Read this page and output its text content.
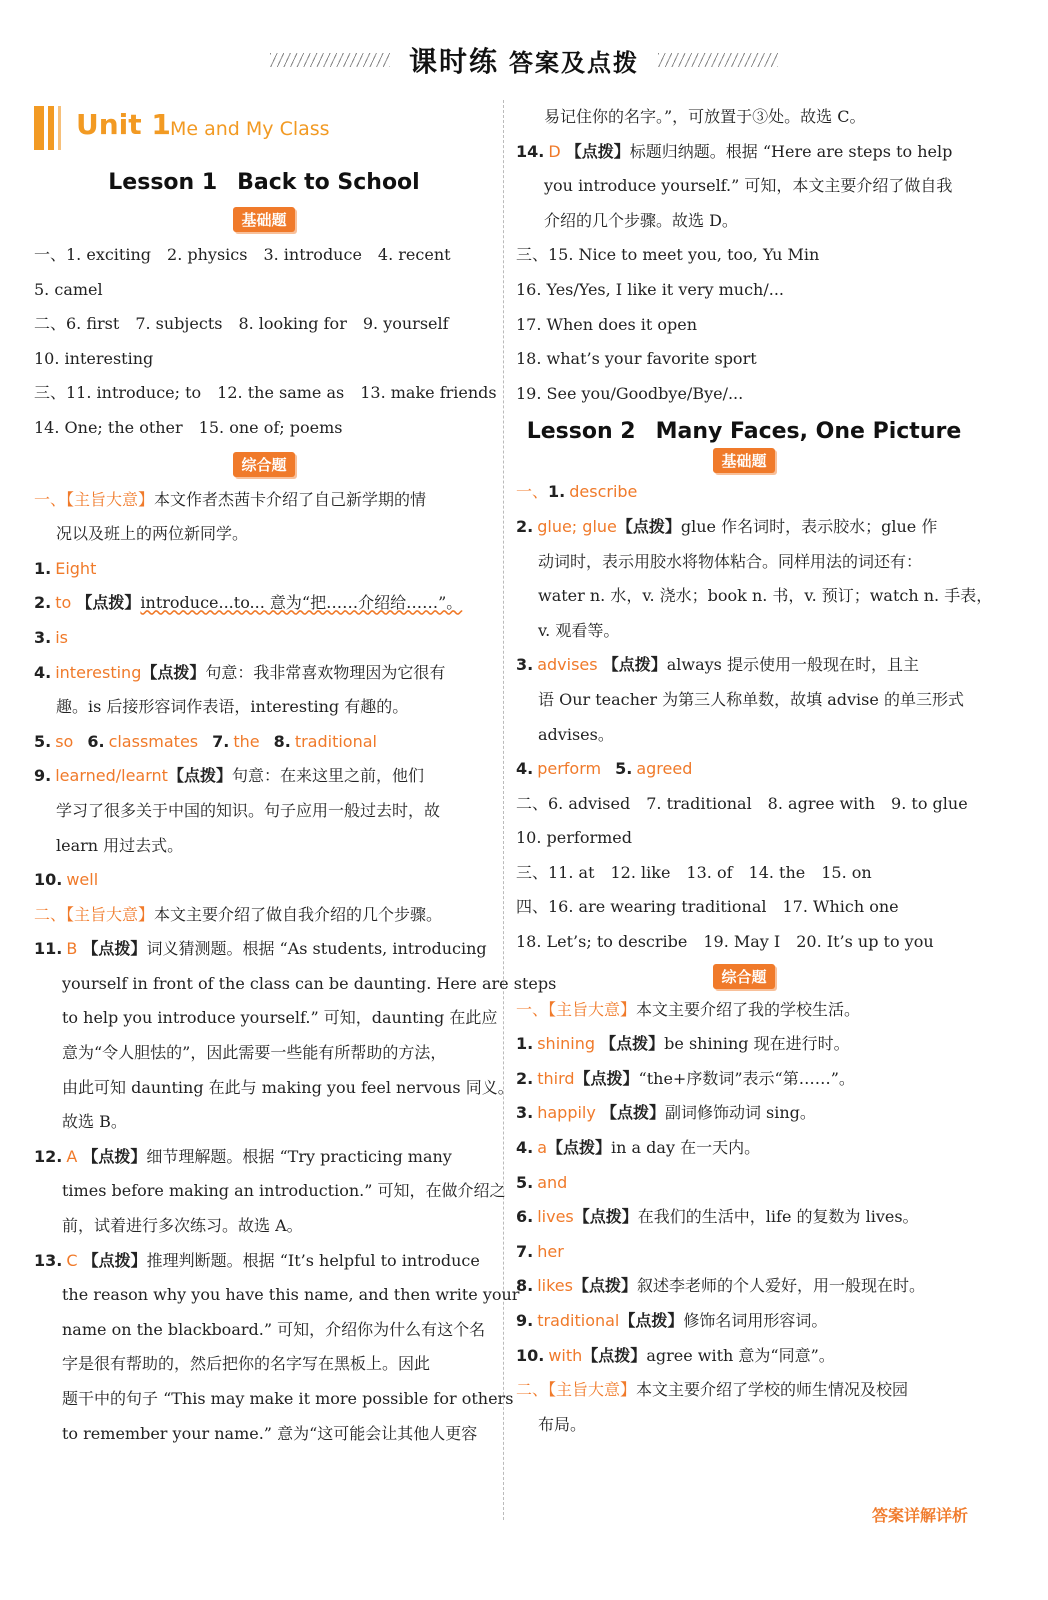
课时练 答案及点拨
Unit 1 Me and My Class
Lesson 1 Back to School
基础题
一、1. exciting　2. physics　3. introduce　4. recent
5. camel
二、6. first　7. subjects　8. looking for　9. yourself
10. interesting
三、11. introduce; to　12. the same as　13. make friends
14. One; the other　15. one of; poems
综合题
一、【主旨大意】本文作者杰茜卡介绍了自己新学期的情
况以及班上的两位新同学。
1. Eight
2. to 【点拨】introduce...to... 意为“把……介绍给……”。
3. is
4. interesting【点拨】句意：我非常喜欢物理因为它很有
趣。is 后接形容词作表语，interesting 有趣的。
5. so 6. classmates 7. the 8. traditional
9. learned/learnt【点拨】句意：在来这里之前，他们
学习了很多关于中国的知识。句子应用一般过去时，故
learn 用过去式。
10. well
二、【主旨大意】本文主要介绍了做自我介绍的几个步骤。
11. B 【点拨】词义猜测题。根据 “As students, introducing
yourself in front of the class can be daunting. Here are steps
to help you introduce yourself.” 可知，daunting 在此应
意为“令人胆怯的”，因此需要一些能有所帮助的方法，
由此可知 daunting 在此与 making you feel nervous 同义。
故选 B。
12. A 【点拨】细节理解题。根据 “Try practicing many
times before making an introduction.” 可知，在做介绍之
前，试着进行多次练习。故选 A。
13. C 【点拨】推理判断题。根据 “It’s helpful to introduce
the reason why you have this name, and then write your
name on the blackboard.” 可知，介绍你为什么有这个名
字是很有帮助的，然后把你的名字写在黑板上。因此
题干中的句子 “This may make it more possible for others
to remember your name.” 意为“这可能会让其他人更容
易记住你的名字。”，可放置于③处。故选 C。
14. D 【点拨】标题归纳题。根据 “Here are steps to help
you introduce yourself.” 可知，本文主要介绍了做自我
介绍的几个步骤。故选 D。
三、15. Nice to meet you, too, Yu Min
16. Yes/Yes, I like it very much/...
17. When does it open
18. what’s your favorite sport
19. See you/Goodbye/Bye/...
Lesson 2 Many Faces, One Picture
基础题
一、1. describe
2. glue; glue【点拨】glue 作名词时，表示胶水；glue 作
动词时，表示用胶水将物体粘合。同样用法的词还有：
water n. 水，v. 浇水；book n. 书，v. 预订；watch n. 手表，
v. 观看等。
3. advises 【点拨】always 提示使用一般现在时，且主
语 Our teacher 为第三人称单数，故填 advise 的单三形式
advises。
4. perform 5. agreed
二、6. advised　7. traditional　8. agree with　9. to glue
10. performed
三、11. at　12. like　13. of　14. the　15. on
四、16. are wearing traditional　17. Which one
18. Let’s; to describe　19. May I　20. It’s up to you
综合题
一、【主旨大意】本文主要介绍了我的学校生活。
1. shining 【点拨】be shining 现在进行时。
2. third【点拨】“the+序数词”表示“第……”。
3. happily 【点拨】副词修饰动词 sing。
4. a【点拨】in a day 在一天内。
5. and
6. lives【点拨】在我们的生活中，life 的复数为 lives。
7. her
8. likes【点拨】叙述李老师的个人爱好，用一般现在时。
9. traditional【点拨】修饰名词用形容词。
10. with【点拨】agree with 意为“同意”。
二、【主旨大意】本文主要介绍了学校的师生情况及校园
布局。
答案详解详析
